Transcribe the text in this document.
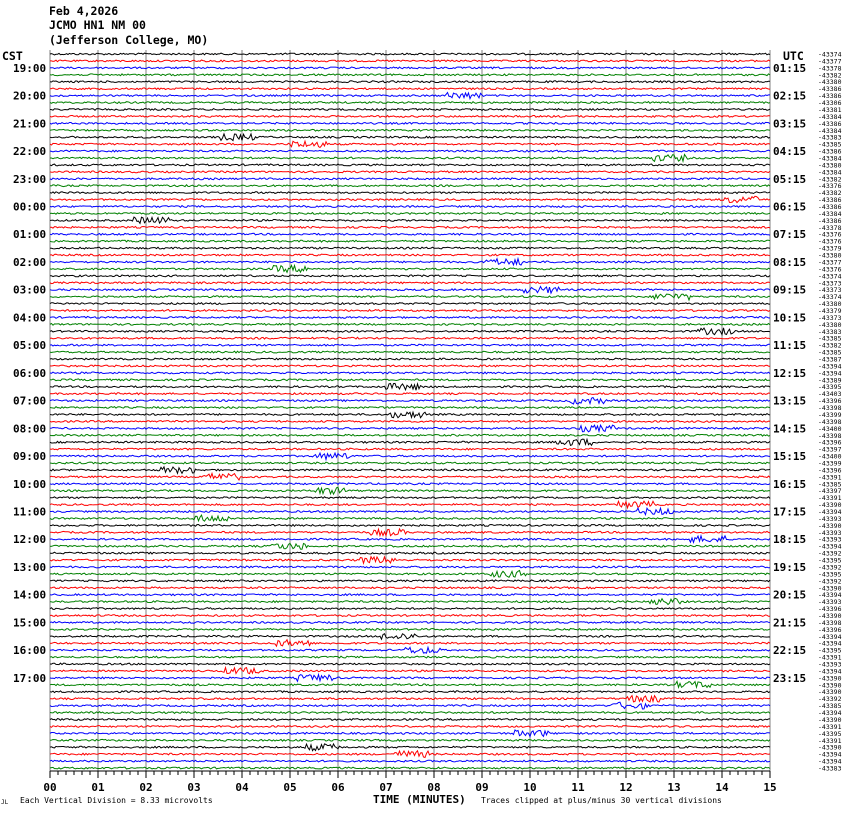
Feb 4,2026
JCMO HN1 NM 00
(Jefferson College, MO)
CST	UTC -43374
-43377
-43378
-43382
-43380
-43386
-43386
-43306
-43381
-43384
-43386
-43384
-43383
-43385
-43386
-43384
-43380
-43384
-43382
-43376
-43382
-43386
-43386
-43384
-43386
-43378
-43376
-43376
-43379
-43380
-43377
-43376
-43374
-43373
-43373
-43374
-43380
-43379
-43373
-43380
-43383
-43385
-43382
-43385
-43387
-43394
-43394
-43389
-43395
-43403
-43396
-43398
-43399
-43398
-43400
-43398
-43396
-43397
-43400
-43399
-43396
-43391
-43385
-43397
-43391
-43390
-43394
-43393
-43390
-43393
-43393
-43394
-43392
-43395
-43392
-43395
-43392
-43390
-43394
-43393
-43396
-43390
-43398
-43396
-43394
-43394
-43395
-43391
-43393
-43394
-43390
-43390
-43390
-43392
-43385
-43394
-43390
-43391
-43395
-43391
-43390
-43394
-43394
-43383
19:00	01:15
20:00	02:15
21:00	03:15
22:00	04:15
23:00	05:15
00:00	06:15
01:00	07:15
02:00	08:15
03:00	09:15
04:00	10:15
05:00	11:15
06:00	12:15
07:00	13:15
08:00	14:15
09:00	15:15
10:00	16:15
11:00	17:15
12:00	18:15
13:00	19:15
14:00	20:15
15:00	21:15
16:00	22:15
17:00	23:15
00	01	02	03	04	05	06	07	08	09	10	11	12	13	14	15
JL Each Vertical Division = 8.33 microvolts	TIME (MINUTES) Traces clipped at plus/minus 30 vertical divisions
